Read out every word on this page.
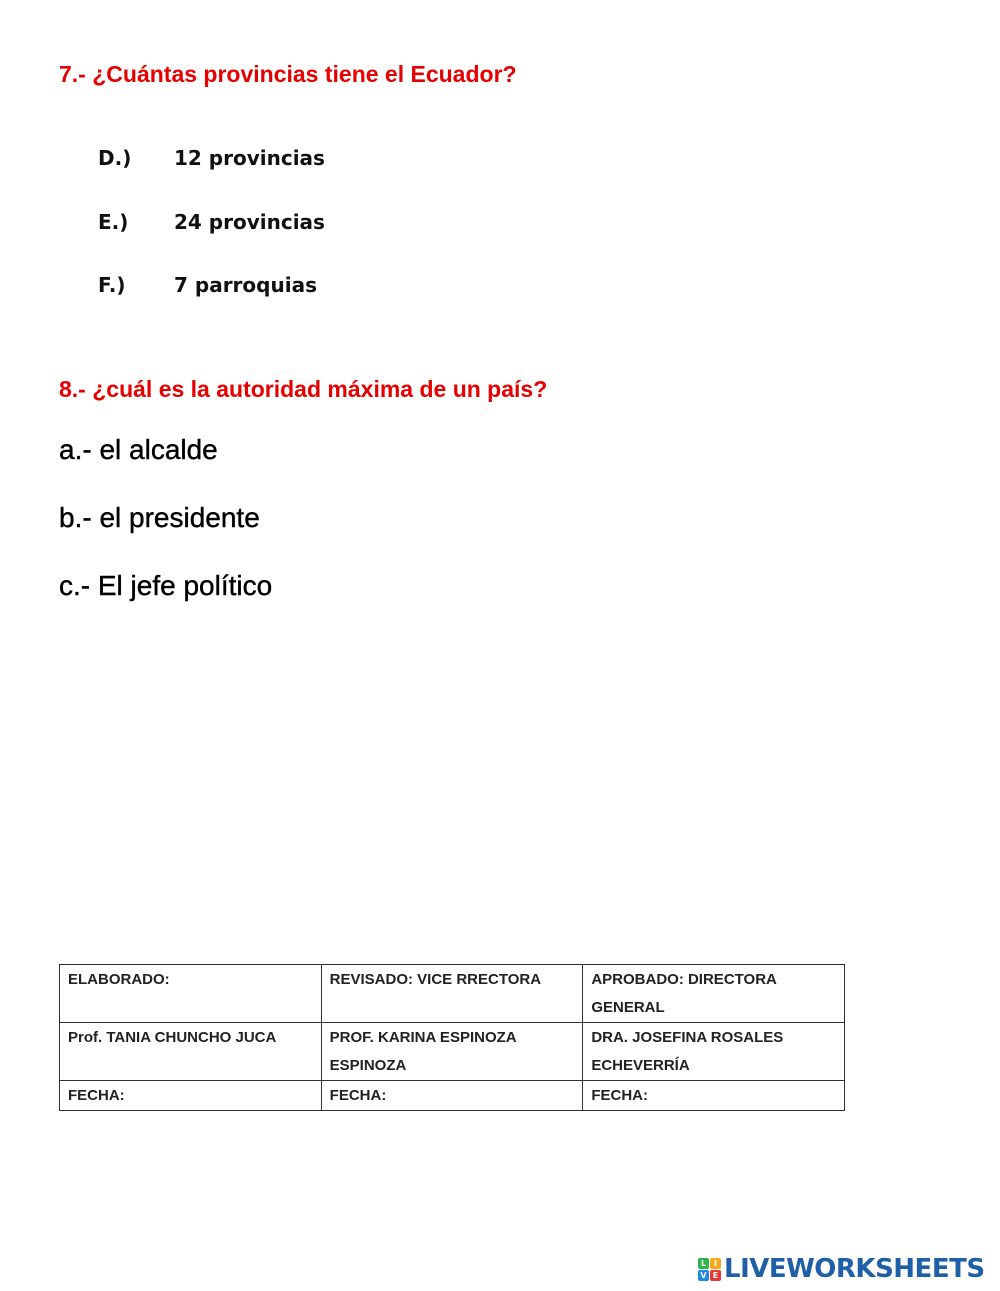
7.- ¿Cuántas provincias tiene el Ecuador?
D.)	12 provincias
E.)	24 provincias
F.)	7 parroquias
8.- ¿cuál es la autoridad máxima de un país?
a.- el alcalde
b.- el presidente
c.- El jefe político
ELABORADO:	REVISADO: VICE RRECTORA	APROBADO: DIRECTORA GENERAL
Prof. TANIA CHUNCHO JUCA	PROF. KARINA ESPINOZA ESPINOZA	DRA. JOSEFINA ROSALES ECHEVERRÍA
FECHA:	FECHA:	FECHA:
L I
V E LIVEWORKSHEETS
